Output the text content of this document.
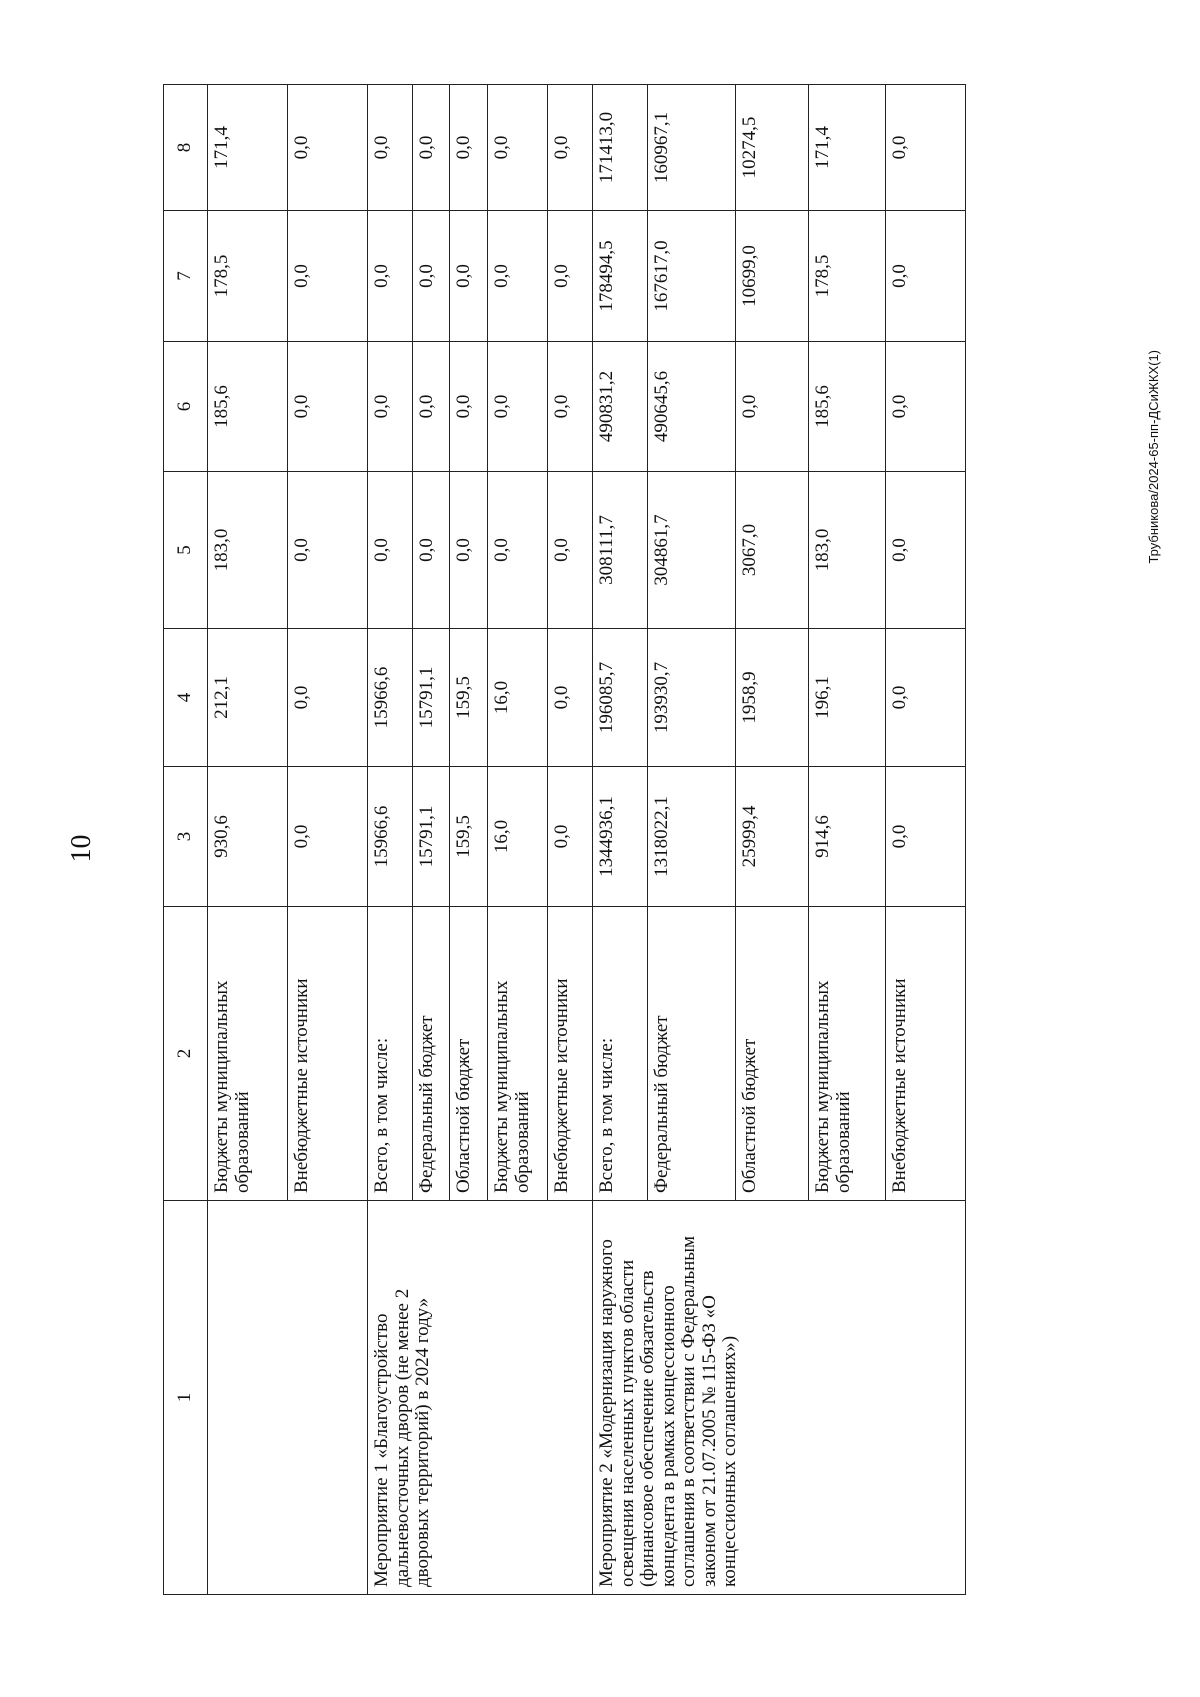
10
Трубникова/2024-65-пп-ДСиЖКХ(1)
1	2	3	4	5	6	7	8
	Бюджеты муниципальных образований	930,6	212,1	183,0	185,6	178,5	171,4
	Внебюджетные источники	0,0	0,0	0,0	0,0	0,0	0,0
Мероприятие 1 «Благоустройство дальневосточных дворов (не менее 2 дворовых территорий) в 2024 году»	Всего, в том числе:	15966,6	15966,6	0,0	0,0	0,0	0,0
	Федеральный бюджет	15791,1	15791,1	0,0	0,0	0,0	0,0
	Областной бюджет	159,5	159,5	0,0	0,0	0,0	0,0
	Бюджеты муниципальных образований	16,0	16,0	0,0	0,0	0,0	0,0
	Внебюджетные источники	0,0	0,0	0,0	0,0	0,0	0,0
Мероприятие 2 «Модернизация наружного освещения населенных пунктов области (финансовое обеспечение обязательств концедента в рамках концессионного соглашения в соответствии с Федеральным законом от 21.07.2005 № 115-ФЗ «О концессионных соглашениях»)	Всего, в том числе:	1344936,1	196085,7	308111,7	490831,2	178494,5	171413,0
	Федеральный бюджет	1318022,1	193930,7	304861,7	490645,6	167617,0	160967,1
	Областной бюджет	25999,4	1958,9	3067,0	0,0	10699,0	10274,5
	Бюджеты муниципальных образований	914,6	196,1	183,0	185,6	178,5	171,4
	Внебюджетные источники	0,0	0,0	0,0	0,0	0,0	0,0
